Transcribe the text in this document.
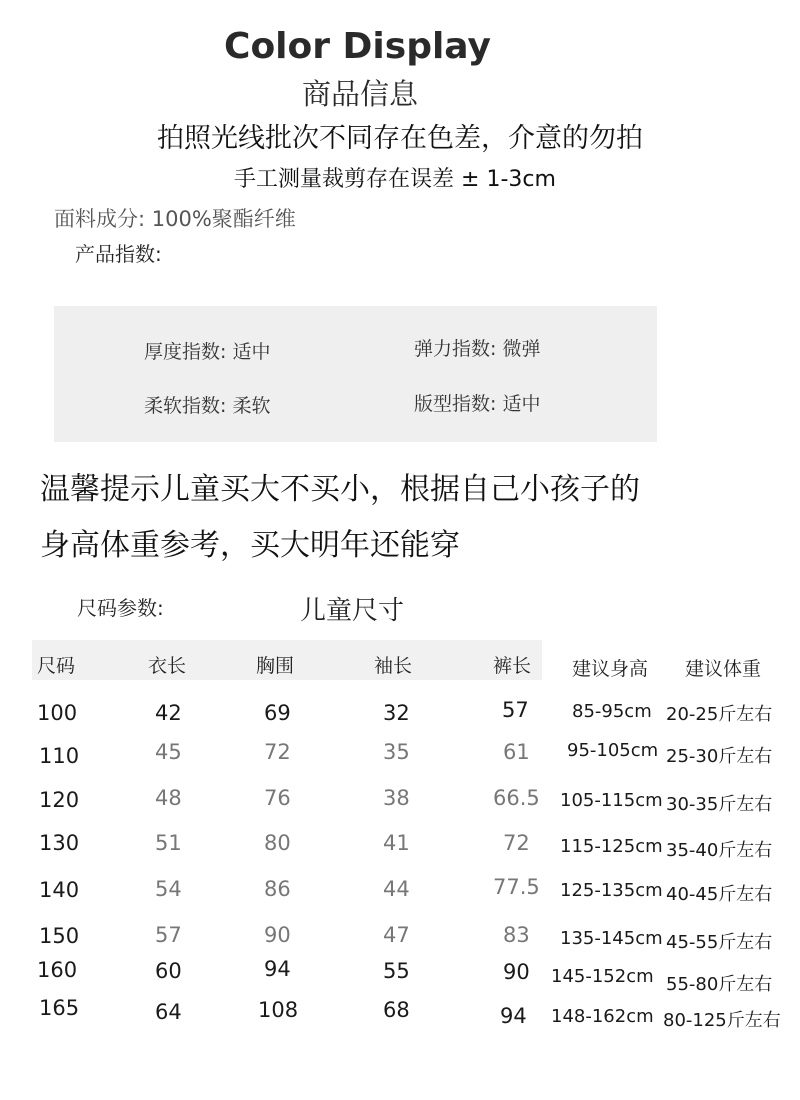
Color Display
商品信息
拍照光线批次不同存在色差，介意的勿拍
手工测量裁剪存在误差 ± 1-3cm
面料成分: 100%聚酯纤维
产品指数:
厚度指数: 适中	弹力指数: 微弹
柔软指数: 柔软	版型指数: 适中
温馨提示儿童买大不买小，根据自己小孩子的
身高体重参考，买大明年还能穿
尺码参数:	儿童尺寸
尺码	衣长	胸围	袖长	裤长 建议身高 建议体重
100	42	69	32	57 85-95cm 20-25斤左右
110	45	72	35	61 95-105cm 25-30斤左右
120	48	76	38	66.5 105-115cm 30-35斤左右
130	51	80	41	72 115-125cm 35-40斤左右
140	54	86	44	77.5 125-135cm 40-45斤左右
150	57	90	47	83 135-145cm 45-55斤左右
160	60	94	55	90 145-152cm 55-80斤左右
165	64	108	68	94 148-162cm 80-125斤左右
